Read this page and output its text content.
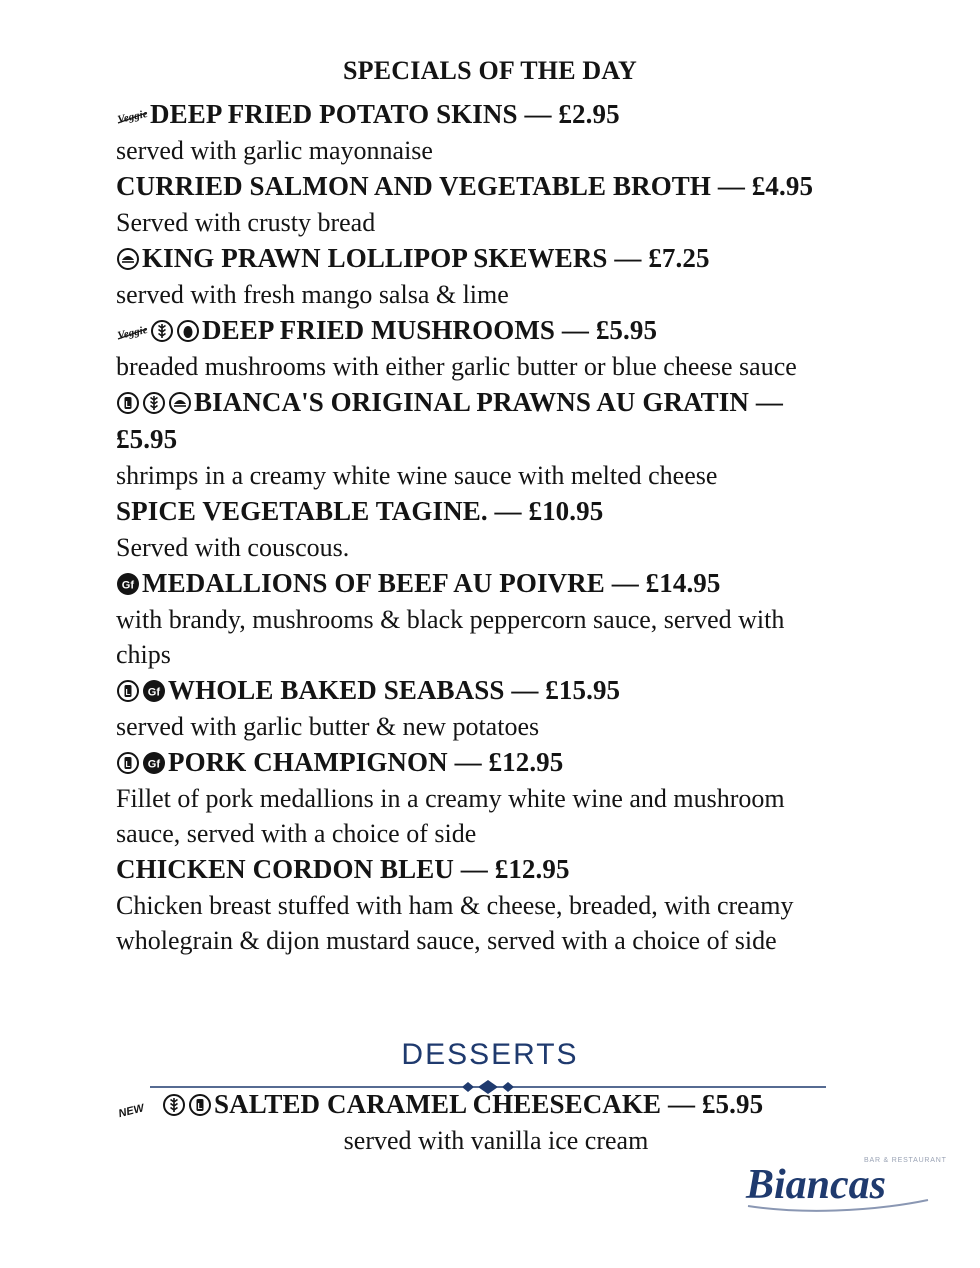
SPECIALS OF THE DAY
Veggie DEEP FRIED POTATO SKINS — £2.95
served with garlic mayonnaise
CURRIED SALMON AND VEGETABLE BROTH — £4.95
Served with crusty bread
KING PRAWN LOLLIPOP SKEWERS — £7.25
served with fresh mango salsa & lime
Veggie DEEP FRIED MUSHROOMS — £5.95
breaded mushrooms with either garlic butter or blue cheese sauce
L BIANCA'S ORIGINAL PRAWNS AU GRATIN — £5.95
shrimps in a creamy white wine sauce with melted cheese
SPICE VEGETABLE TAGINE. — £10.95
Served with couscous.
Gf MEDALLIONS OF BEEF AU POIVRE — £14.95
with brandy, mushrooms & black peppercorn sauce, served with chips
L Gf WHOLE BAKED SEABASS — £15.95
served with garlic butter & new potatoes
L Gf PORK CHAMPIGNON — £12.95
Fillet of pork medallions in a creamy white wine and mushroom sauce, served with a choice of side
CHICKEN CORDON BLEU — £12.95
Chicken breast stuffed with ham & cheese, breaded, with creamy wholegrain & dijon mustard sauce, served with a choice of side
DESSERTS
NEW	L SALTED CARAMEL CHEESECAKE — £5.95
served with vanilla ice cream
BAR & RESTAURANT
Biancas
